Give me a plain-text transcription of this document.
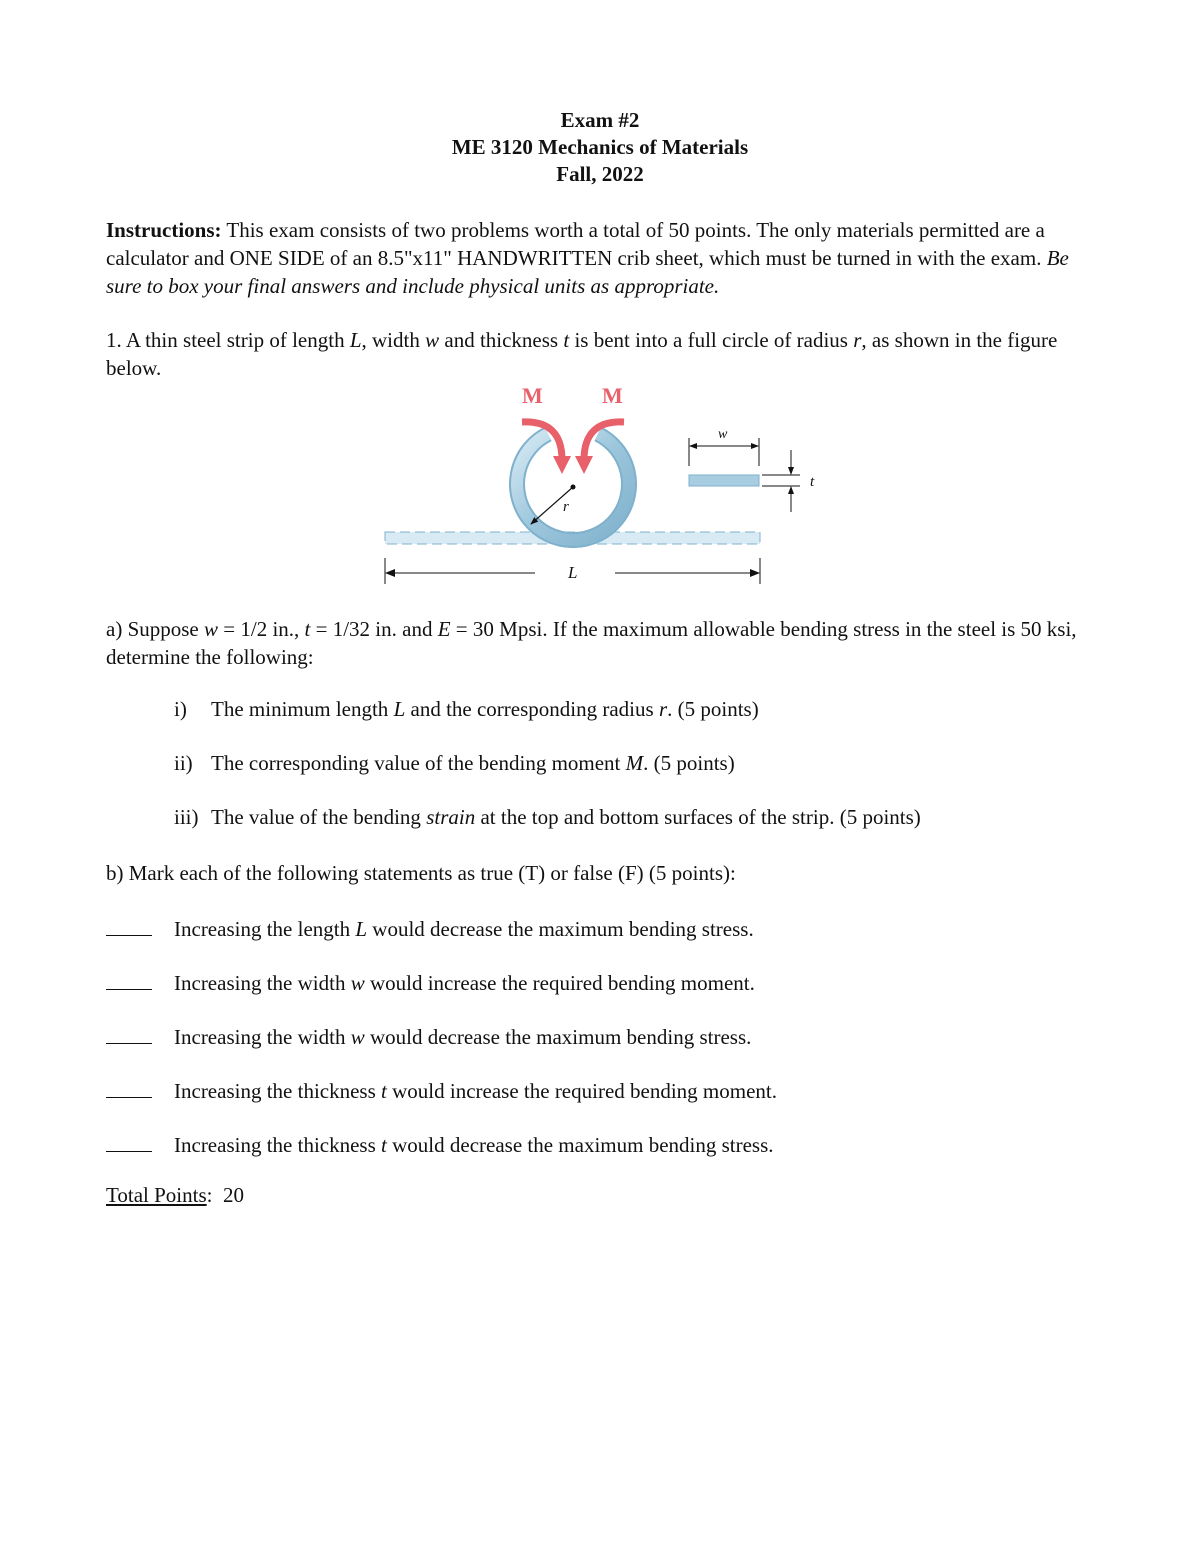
Exam #2
ME 3120 Mechanics of Materials
Fall, 2022
Instructions: This exam consists of two problems worth a total of 50 points. The only materials permitted are a calculator and ONE SIDE of an 8.5"x11" HANDWRITTEN crib sheet, which must be turned in with the exam. Be sure to box your final answers and include physical units as appropriate.
1. A thin steel strip of length L, width w and thickness t is bent into a full circle of radius r, as shown in the figure below.
r
M	M
L
w
t
a) Suppose w = 1/2 in., t = 1/32 in. and E = 30 Mpsi. If the maximum allowable bending stress in the steel is 50 ksi, determine the following:
i) The minimum length L and the corresponding radius r. (5 points)
ii) The corresponding value of the bending moment M. (5 points)
iii) The value of the bending strain at the top and bottom surfaces of the strip. (5 points)
b) Mark each of the following statements as true (T) or false (F) (5 points):
Increasing the length L would decrease the maximum bending stress.
Increasing the width w would increase the required bending moment.
Increasing the width w would decrease the maximum bending stress.
Increasing the thickness t would increase the required bending moment.
Increasing the thickness t would decrease the maximum bending stress.
Total Points:  20
